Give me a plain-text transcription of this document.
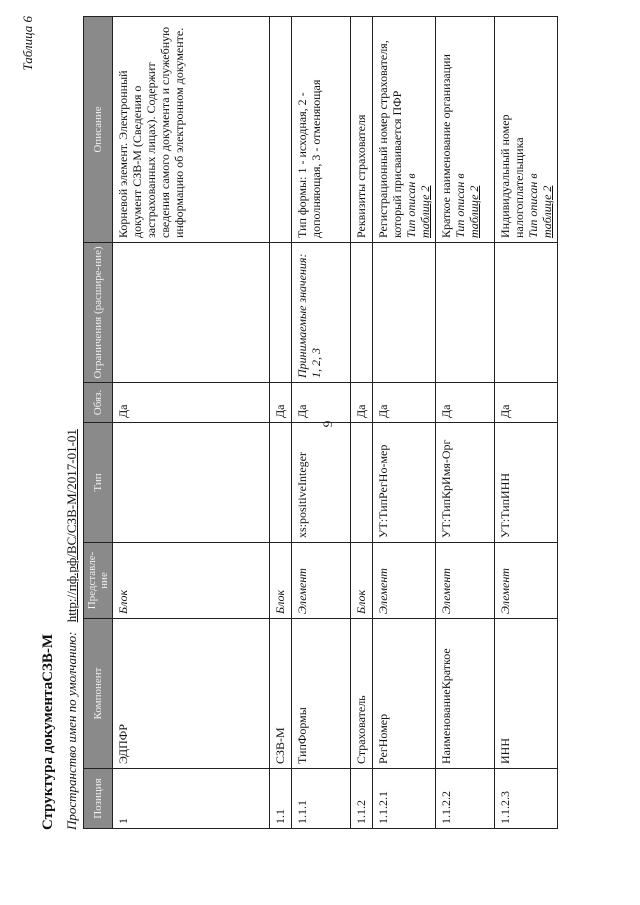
9
Таблица 6
Структура документаСЗВ-М Пространство имен по умолчанию: http://пф.рф/ВС/СЗВ-М/2017-01-01
Позиция	Компонент	Представле-ние	Тип	Обяз.	Ограничения (расшире-ние)	Описание
1	ЭДПФР	Блок		Да		Корневой элемент. Электронный документ СЗВ-М (Сведения о застрахованных лицах). Содержит сведения самого документа и служебную информацию об электронном документе.
1.1	СЗВ-М	Блок		Да		
1.1.1	ТипФормы	Элемент	xs:positiveInteger	Да	Принимаемые значения: 1, 2, 3	Тип формы: 1 - исходная, 2 - дополняющая, 3 - отменяющая
1.1.2	Страхователь	Блок		Да		Реквизиты страхователя
1.1.2.1	РегНомер	Элемент	УТ:ТипРегНо-мер	Да		Регистрационный номер страхователя, который присваивается ПФР
Тип описан в
таблице 2
1.1.2.2	НаименованиеКраткое	Элемент	УТ:ТипКрИмя-Орг	Да		Краткое наименование организации
Тип описан в
таблице 2
1.1.2.3	ИНН	Элемент	УТ:ТипИНН	Да		Индивидуальный номер налогоплательщика
Тип описан в
таблице 2
